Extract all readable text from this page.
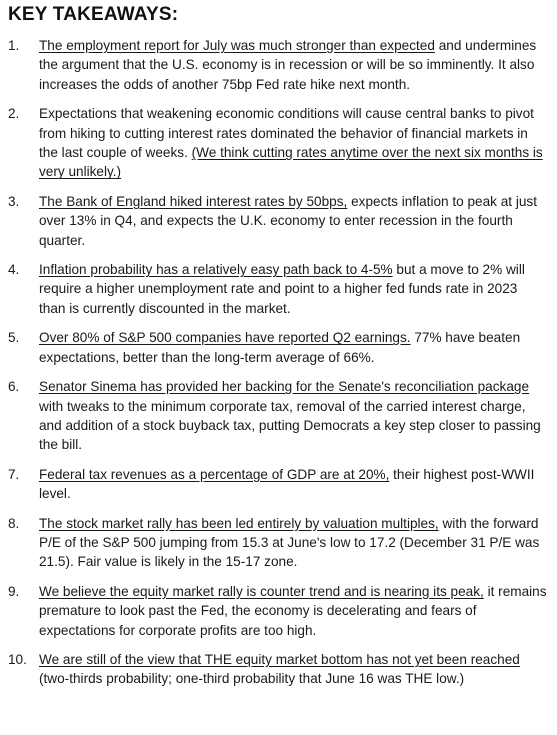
KEY TAKEAWAYS:
1.	The employment report for July was much stronger than expected and undermines the argument that the U.S. economy is in recession or will be so imminently. It also increases the odds of another 75bp Fed rate hike next month.
2.	Expectations that weakening economic conditions will cause central banks to pivot from hiking to cutting interest rates dominated the behavior of financial markets in the last couple of weeks. (We think cutting rates anytime over the next six months is very unlikely.)
3.	The Bank of England hiked interest rates by 50bps, expects inflation to peak at just over 13% in Q4, and expects the U.K. economy to enter recession in the fourth quarter.
4.	Inflation probability has a relatively easy path back to 4-5% but a move to 2% will require a higher unemployment rate and point to a higher fed funds rate in 2023 than is currently discounted in the market.
5.	Over 80% of S&P 500 companies have reported Q2 earnings. 77% have beaten expectations, better than the long-term average of 66%.
6.	Senator Sinema has provided her backing for the Senate's reconciliation package with tweaks to the minimum corporate tax, removal of the carried interest charge, and addition of a stock buyback tax, putting Democrats a key step closer to passing the bill.
7.	Federal tax revenues as a percentage of GDP are at 20%, their highest post-WWII level.
8.	The stock market rally has been led entirely by valuation multiples, with the forward P/E of the S&P 500 jumping from 15.3 at June's low to 17.2 (December 31 P/E was 21.5). Fair value is likely in the 15-17 zone.
9.	We believe the equity market rally is counter trend and is nearing its peak, it remains premature to look past the Fed, the economy is decelerating and fears of expectations for corporate profits are too high.
10. We are still of the view that THE equity market bottom has not yet been reached (two-thirds probability; one-third probability that June 16 was THE low.)
